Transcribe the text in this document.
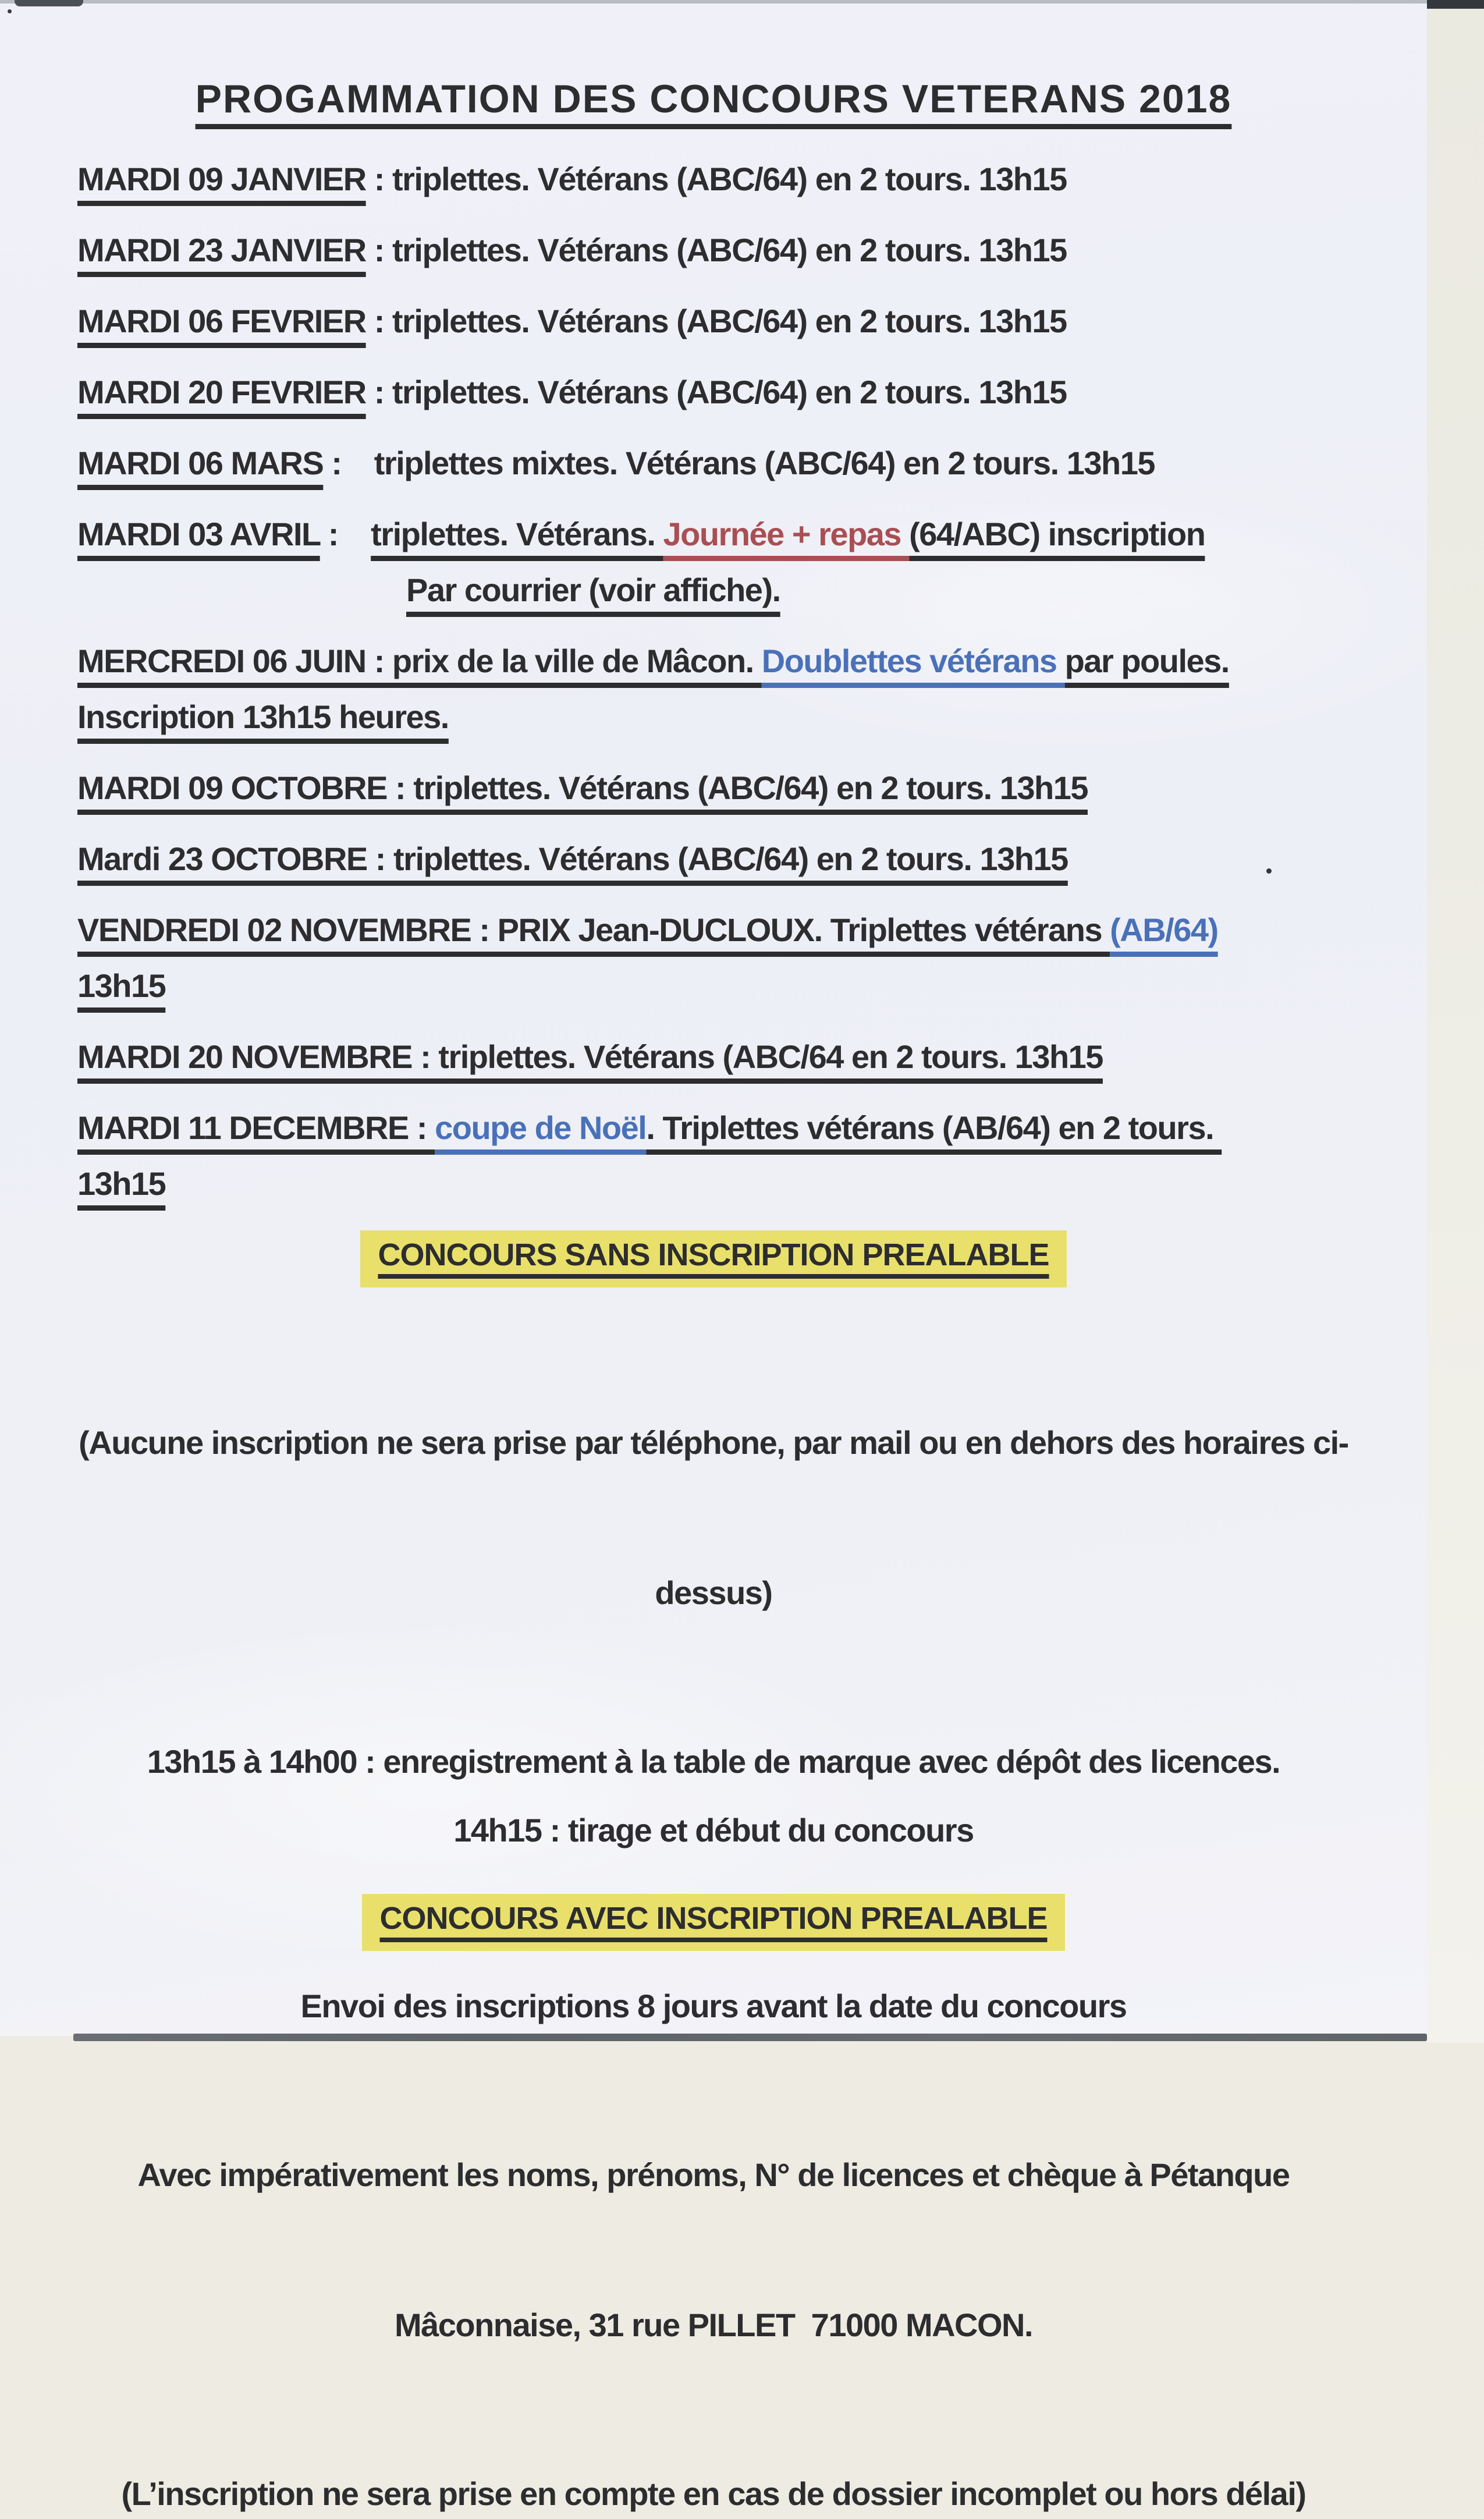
PROGAMMATION DES CONCOURS VETERANS 2018

MARDI 09 JANVIER : triplettes. Vétérans (ABC/64) en 2 tours. 13h15

MARDI 23 JANVIER : triplettes. Vétérans (ABC/64) en 2 tours. 13h15

MARDI 06 FEVRIER : triplettes. Vétérans (ABC/64) en 2 tours. 13h15

MARDI 20 FEVRIER : triplettes. Vétérans (ABC/64) en 2 tours. 13h15

MARDI 06 MARS :    triplettes mixtes. Vétérans (ABC/64) en 2 tours. 13h15

MARDI 03 AVRIL :    triplettes. Vétérans. Journée + repas (64/ABC) inscription
Par courrier (voir affiche).

MERCREDI 06 JUIN : prix de la ville de Mâcon. Doublettes vétérans par poules.
Inscription 13h15 heures.

MARDI 09 OCTOBRE : triplettes. Vétérans (ABC/64) en 2 tours. 13h15

Mardi 23 OCTOBRE : triplettes. Vétérans (ABC/64) en 2 tours. 13h15

VENDREDI 02 NOVEMBRE : PRIX Jean-DUCLOUX. Triplettes vétérans (AB/64)
13h15

MARDI 20 NOVEMBRE : triplettes. Vétérans (ABC/64 en 2 tours. 13h15

MARDI 11 DECEMBRE : coupe de Noël. Triplettes vétérans (AB/64) en 2 tours.
13h15

CONCOURS SANS INSCRIPTION PREALABLE

(Aucune inscription ne sera prise par téléphone, par mail ou en dehors des horaires ci-

dessus)

13h15 à 14h00 : enregistrement à la table de marque avec dépôt des licences.

14h15 : tirage et début du concours

CONCOURS AVEC INSCRIPTION PREALABLE

Envoi des inscriptions 8 jours avant la date du concours

Avec impérativement les noms, prénoms, N° de licences et chèque à Pétanque

Mâconnaise, 31 rue PILLET  71000 MACON.

(L’inscription ne sera prise en compte en cas de dossier incomplet ou hors délai)
